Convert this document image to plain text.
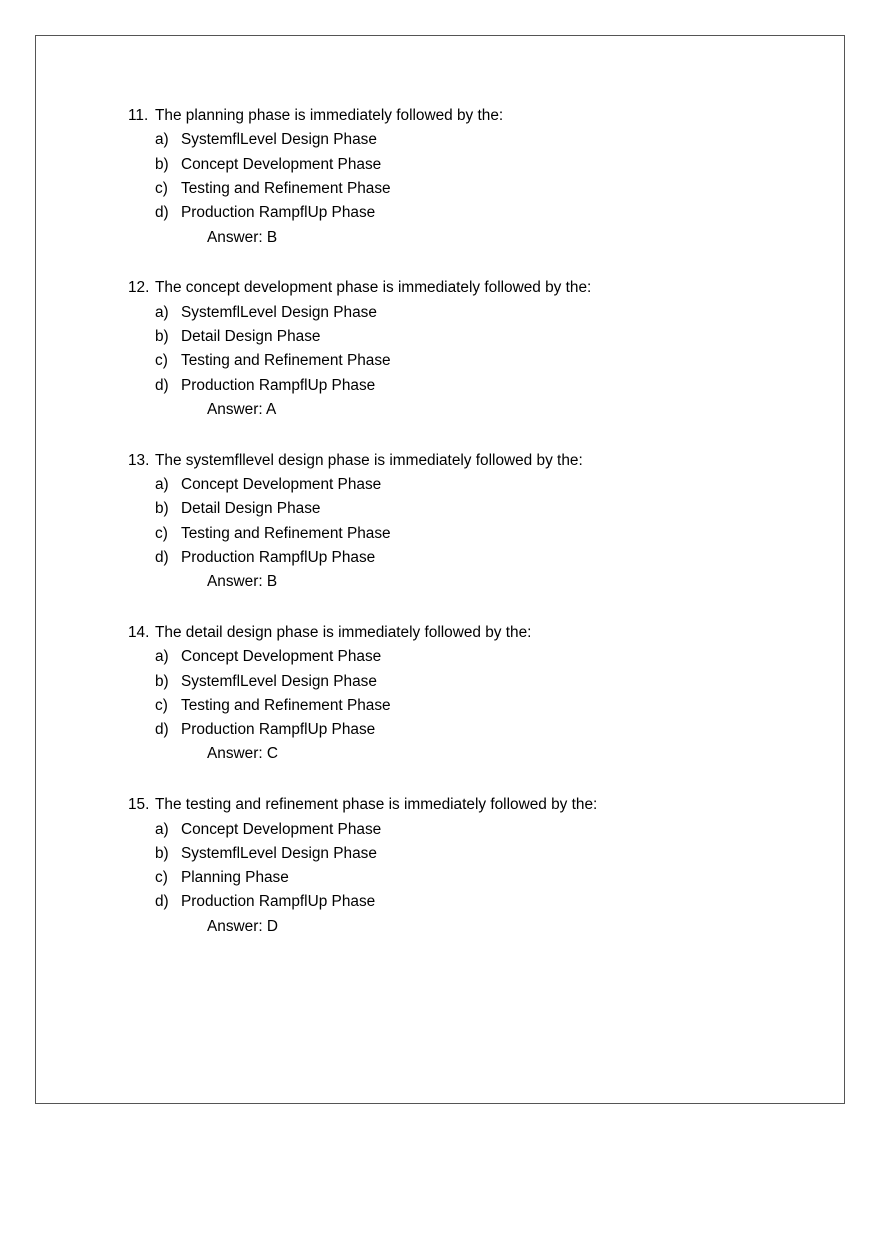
11. The planning phase is immediately followed by the:
a) SystemflLevel Design Phase
b) Concept Development Phase
c) Testing and Refinement Phase
d) Production RampflUp Phase
Answer: B
12. The concept development phase is immediately followed by the:
a) SystemflLevel Design Phase
b) Detail Design Phase
c) Testing and Refinement Phase
d) Production RampflUp Phase
Answer: A
13. The systemfllevel design phase is immediately followed by the:
a) Concept Development Phase
b) Detail Design Phase
c) Testing and Refinement Phase
d) Production RampflUp Phase
Answer: B
14. The detail design phase is immediately followed by the:
a) Concept Development Phase
b) SystemflLevel Design Phase
c) Testing and Refinement Phase
d) Production RampflUp Phase
Answer: C
15. The testing and refinement phase is immediately followed by the:
a) Concept Development Phase
b) SystemflLevel Design Phase
c) Planning Phase
d) Production RampflUp Phase
Answer: D
